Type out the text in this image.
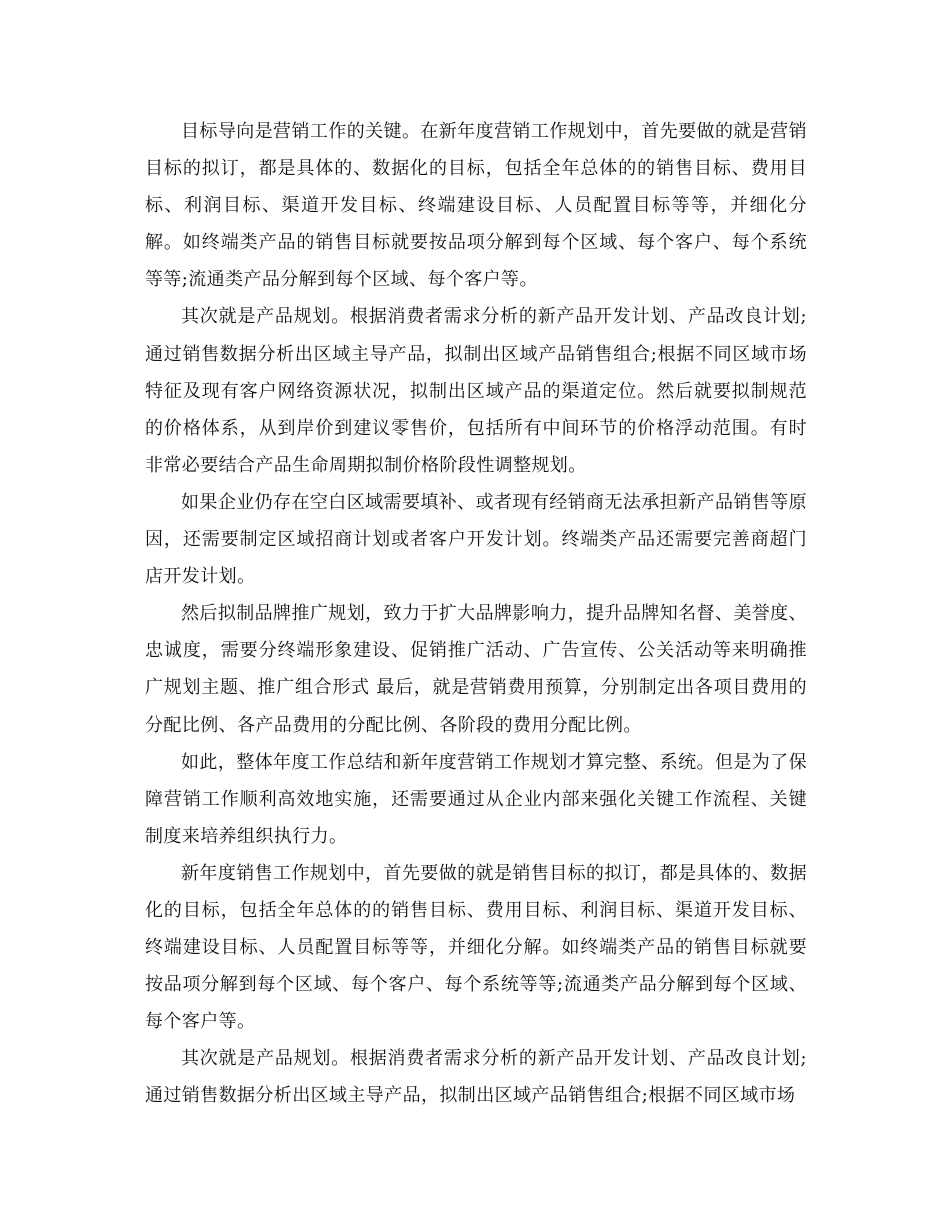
目标导向是营销工作的关键。在新年度营销工作规划中，首先要做的就是营销目标的拟订，都是具体的、数据化的目标，包括全年总体的的销售目标、费用目标、利润目标、渠道开发目标、终端建设目标、人员配置目标等等，并细化分解。如终端类产品的销售目标就要按品项分解到每个区域、每个客户、每个系统等等;流通类产品分解到每个区域、每个客户等。

其次就是产品规划。根据消费者需求分析的新产品开发计划、产品改良计划;通过销售数据分析出区域主导产品，拟制出区域产品销售组合;根据不同区域市场特征及现有客户网络资源状况，拟制出区域产品的渠道定位。然后就要拟制规范的价格体系，从到岸价到建议零售价，包括所有中间环节的价格浮动范围。有时非常必要结合产品生命周期拟制价格阶段性调整规划。

如果企业仍存在空白区域需要填补、或者现有经销商无法承担新产品销售等原因，还需要制定区域招商计划或者客户开发计划。终端类产品还需要完善商超门店开发计划。

然后拟制品牌推广规划，致力于扩大品牌影响力，提升品牌知名督、美誉度、忠诚度，需要分终端形象建设、促销推广活动、广告宣传、公关活动等来明确推广规划主题、推广组合形式 最后，就是营销费用预算，分别制定出各项目费用的分配比例、各产品费用的分配比例、各阶段的费用分配比例。

如此，整体年度工作总结和新年度营销工作规划才算完整、系统。但是为了保障营销工作顺利高效地实施，还需要通过从企业内部来强化关键工作流程、关键制度来培养组织执行力。

新年度销售工作规划中，首先要做的就是销售目标的拟订，都是具体的、数据化的目标，包括全年总体的的销售目标、费用目标、利润目标、渠道开发目标、终端建设目标、人员配置目标等等，并细化分解。如终端类产品的销售目标就要按品项分解到每个区域、每个客户、每个系统等等;流通类产品分解到每个区域、每个客户等。

其次就是产品规划。根据消费者需求分析的新产品开发计划、产品改良计划;通过销售数据分析出区域主导产品，拟制出区域产品销售组合;根据不同区域市场
